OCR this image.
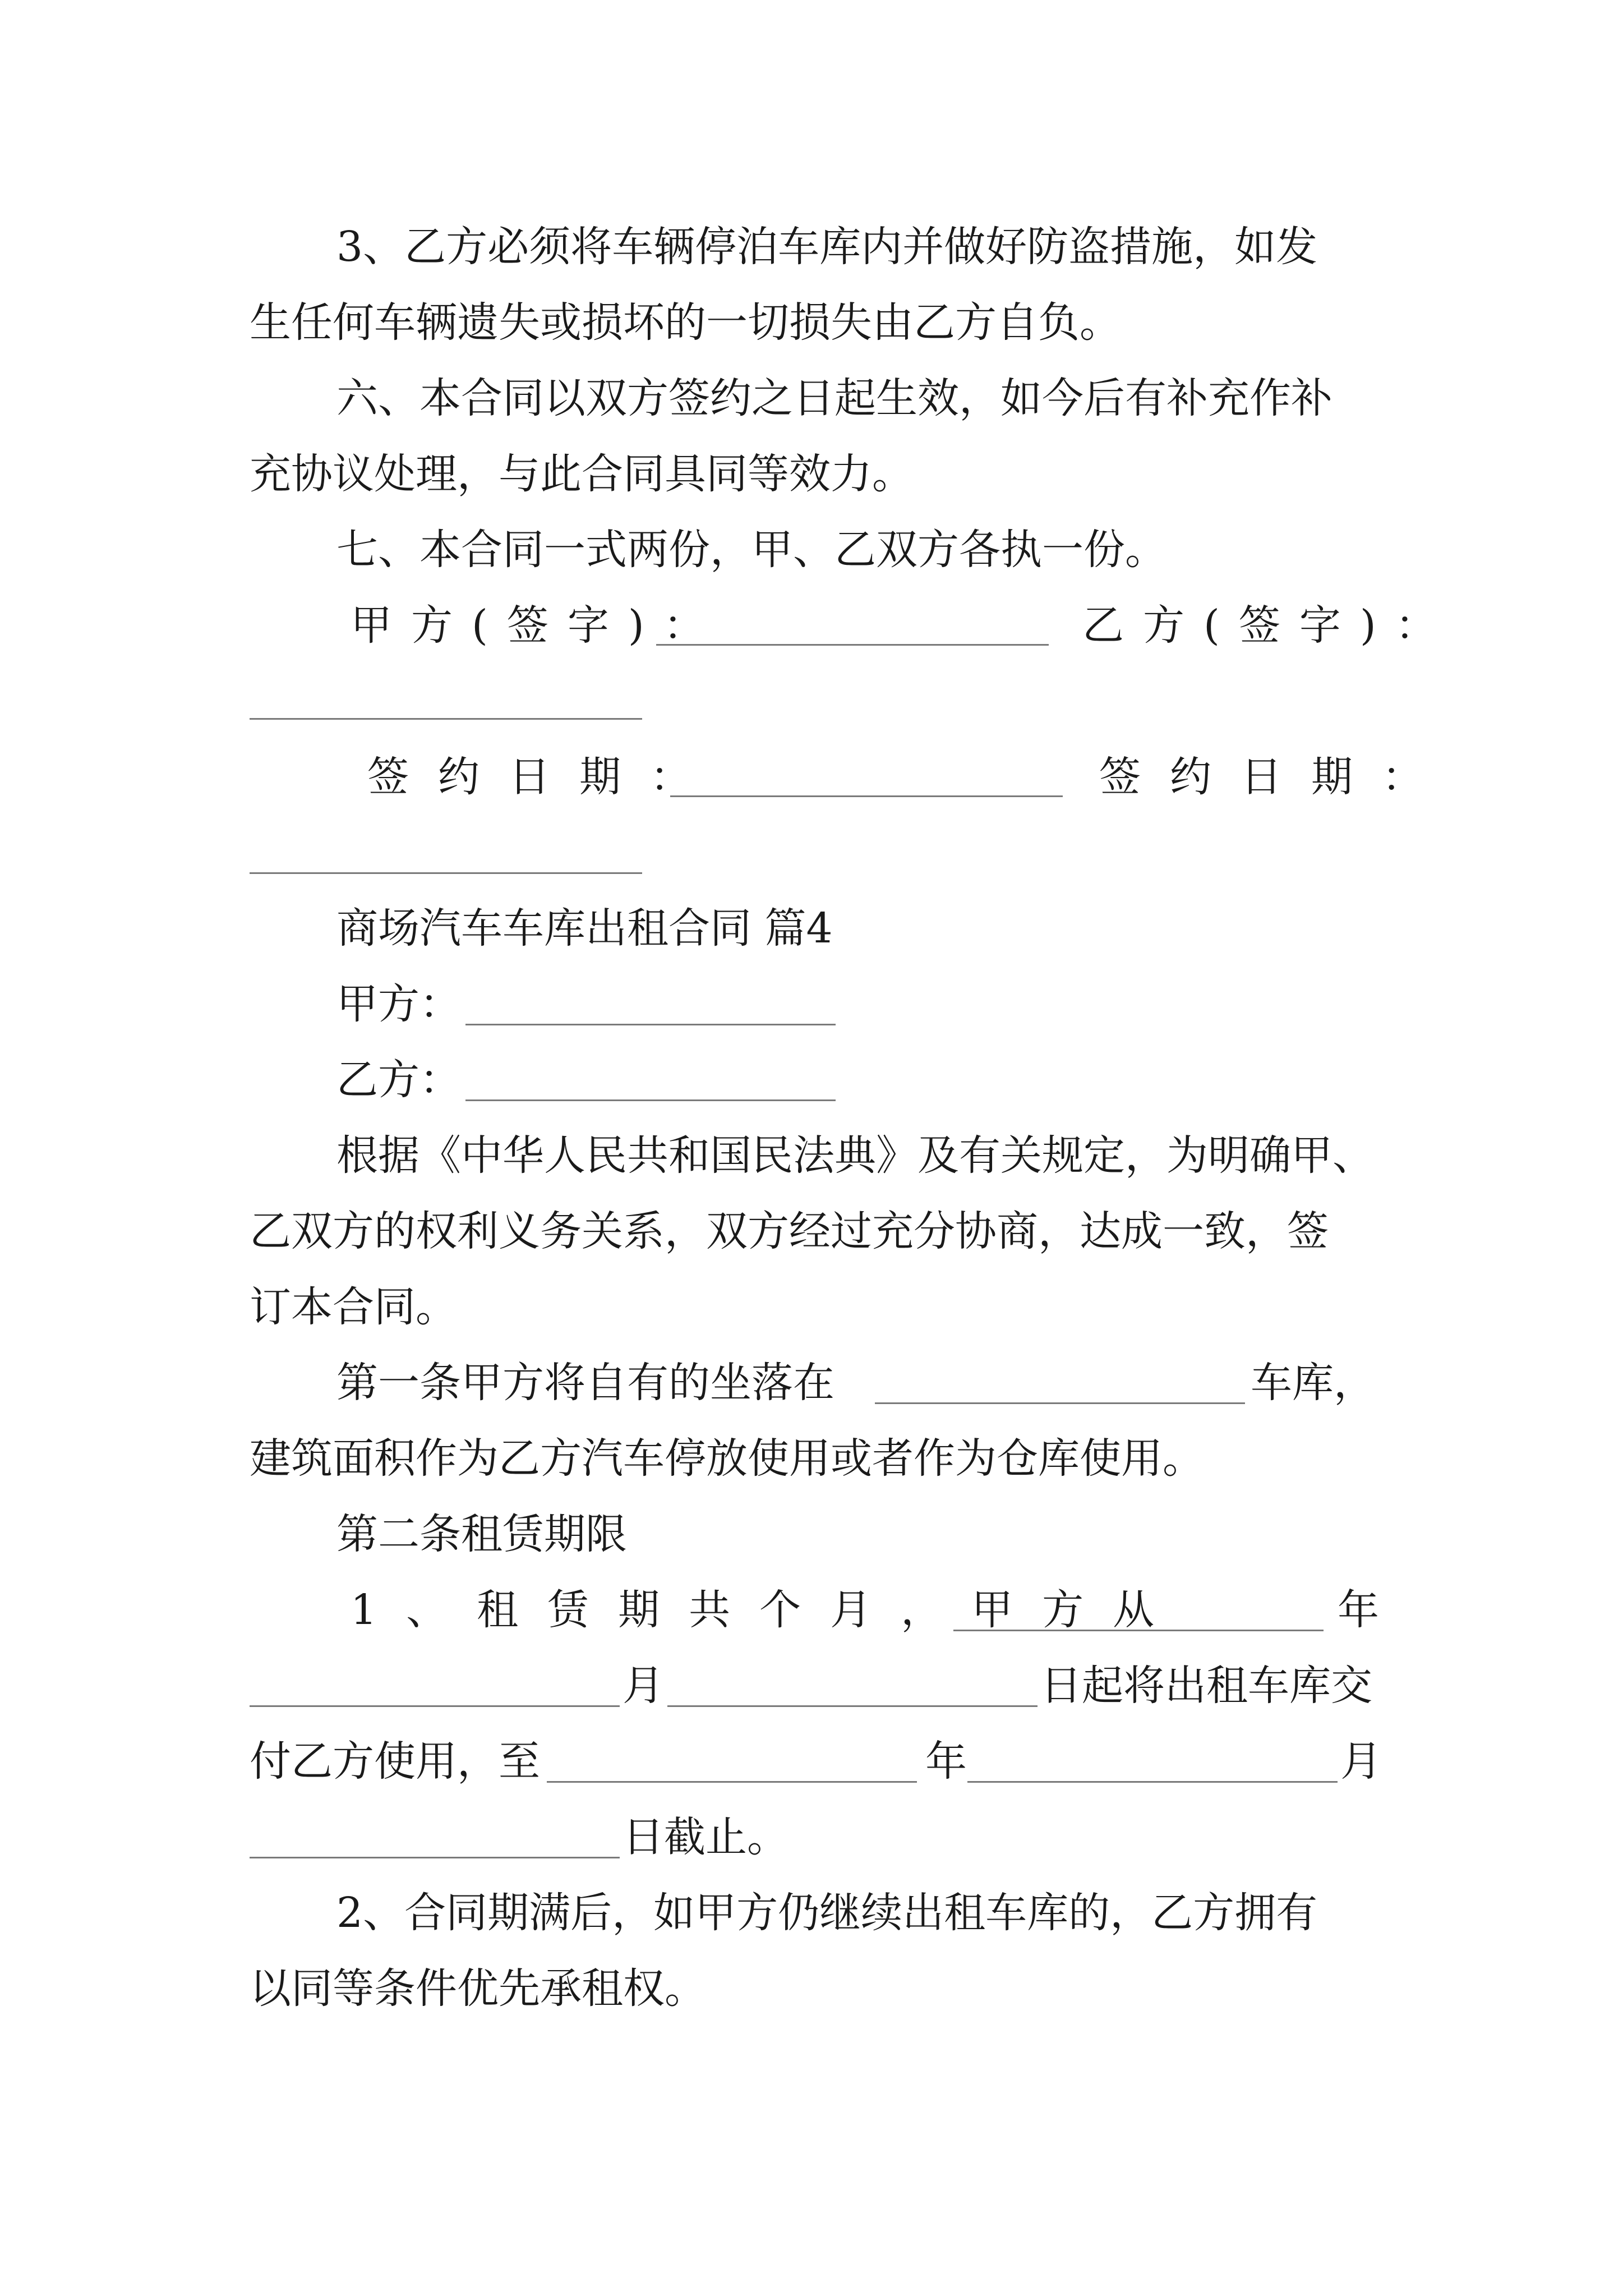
3、乙方必须将车辆停泊车库内并做好防盗措施，如发
生任何车辆遗失或损坏的一切损失由乙方自负。
六、本合同以双方签约之日起生效，如今后有补充作补
充协议处理，与此合同具同等效力。
七、本合同一式两份，甲、乙双方各执一份。
甲方(签字)：	乙方(签字)：
签约日期：	签约日期：
商场汽车车库出租合同 篇4
甲方：
乙方：
根据《中华人民共和国民法典》及有关规定，为明确甲、
乙双方的权利义务关系，双方经过充分协商，达成一致，签
订本合同。
第一条甲方将自有的坐落在	车库，
建筑面积作为乙方汽车停放使用或者作为仓库使用。
第二条租赁期限
1、租赁期共个月，甲方从	年
月	日起将出租车库交
付乙方使用，至	年	月
日截止。
2、合同期满后，如甲方仍继续出租车库的，乙方拥有
以同等条件优先承租权。
